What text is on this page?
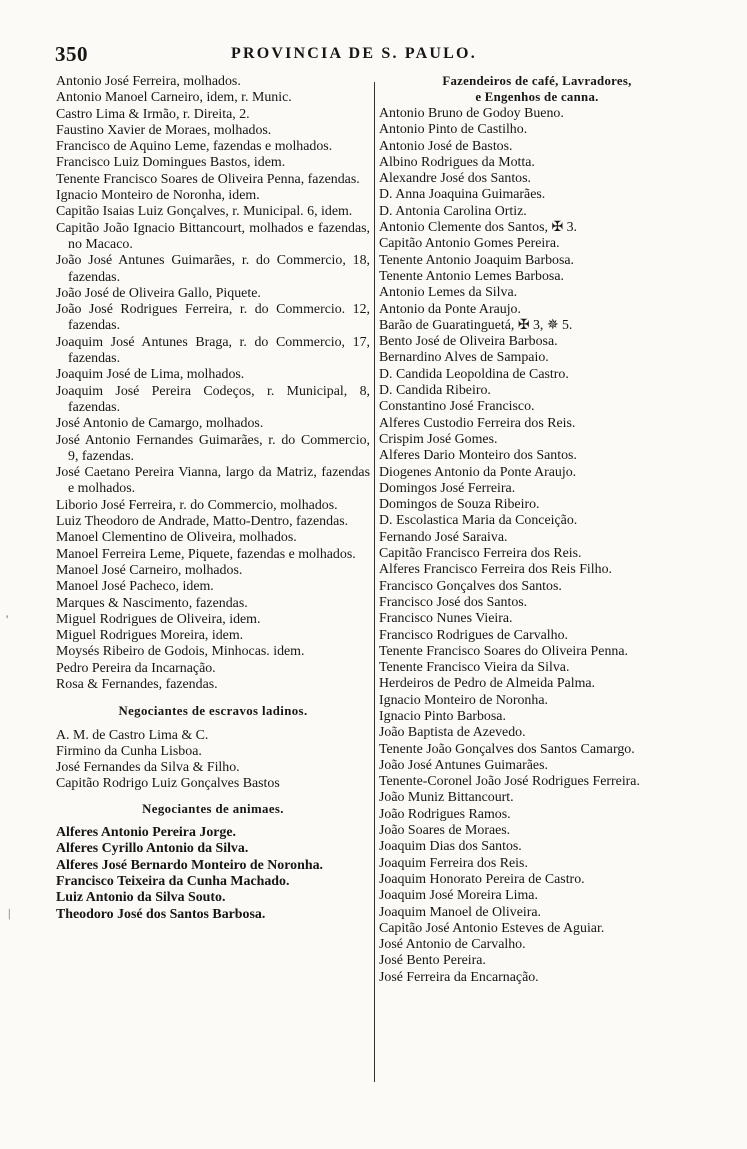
350	PROVINCIA DE S. PAULO.
'
|
Antonio José Ferreira, molhados.
Antonio Manoel Carneiro, idem, r. Munic.
Castro Lima & Irmão, r. Direita, 2.
Faustino Xavier de Moraes, molhados.
Francisco de Aquino Leme, fazendas e molhados.
Francisco Luiz Domingues Bastos, idem.
Tenente Francisco Soares de Oliveira Penna, fazendas.
Ignacio Monteiro de Noronha, idem.
Capitão Isaias Luiz Gonçalves, r. Municipal. 6, idem.
Capitão João Ignacio Bittancourt, molhados e fazendas, no Macaco.
João José Antunes Guimarães, r. do Commercio, 18, fazendas.
João José de Oliveira Gallo, Piquete.
João José Rodrigues Ferreira, r. do Commercio. 12, fazendas.
Joaquim José Antunes Braga, r. do Commercio, 17, fazendas.
Joaquim José de Lima, molhados.
Joaquim José Pereira Codeços, r. Municipal, 8, fazendas.
José Antonio de Camargo, molhados.
José Antonio Fernandes Guimarães, r. do Commercio, 9, fazendas.
José Caetano Pereira Vianna, largo da Matriz, fazendas e molhados.
Liborio José Ferreira, r. do Commercio, molhados.
Luiz Theodoro de Andrade, Matto-Dentro, fazendas.
Manoel Clementino de Oliveira, molhados.
Manoel Ferreira Leme, Piquete, fazendas e molhados.
Manoel José Carneiro, molhados.
Manoel José Pacheco, idem.
Marques & Nascimento, fazendas.
Miguel Rodrigues de Oliveira, idem.
Miguel Rodrigues Moreira, idem.
Moysés Ribeiro de Godois, Minhocas. idem.
Pedro Pereira da Incarnação.
Rosa & Fernandes, fazendas.
Negociantes de escravos ladinos.
A. M. de Castro Lima & C.
Firmino da Cunha Lisboa.
José Fernandes da Silva & Filho.
Capitão Rodrigo Luiz Gonçalves Bastos
Negociantes de animaes.
Alferes Antonio Pereira Jorge.
Alferes Cyrillo Antonio da Silva.
Alferes José Bernardo Monteiro de Noronha.
Francisco Teixeira da Cunha Machado.
Luiz Antonio da Silva Souto.
Theodoro José dos Santos Barbosa.
Fazendeiros de café, Lavradores,
e Engenhos de canna.
Antonio Bruno de Godoy Bueno.
Antonio Pinto de Castilho.
Antonio José de Bastos.
Albino Rodrigues da Motta.
Alexandre José dos Santos.
D. Anna Joaquina Guimarães.
D. Antonia Carolina Ortiz.
Antonio Clemente dos Santos, ✠ 3.
Capitão Antonio Gomes Pereira.
Tenente Antonio Joaquim Barbosa.
Tenente Antonio Lemes Barbosa.
Antonio Lemes da Silva.
Antonio da Ponte Araujo.
Barão de Guaratinguetá, ✠ 3, ✵ 5.
Bento José de Oliveira Barbosa.
Bernardino Alves de Sampaio.
D. Candida Leopoldina de Castro.
D. Candida Ribeiro.
Constantino José Francisco.
Alferes Custodio Ferreira dos Reis.
Crispim José Gomes.
Alferes Dario Monteiro dos Santos.
Diogenes Antonio da Ponte Araujo.
Domingos José Ferreira.
Domingos de Souza Ribeiro.
D. Escolastica Maria da Conceição.
Fernando José Saraiva.
Capitão Francisco Ferreira dos Reis.
Alferes Francisco Ferreira dos Reis Filho.
Francisco Gonçalves dos Santos.
Francisco José dos Santos.
Francisco Nunes Vieira.
Francisco Rodrigues de Carvalho.
Tenente Francisco Soares do Oliveira Penna.
Tenente Francisco Vieira da Silva.
Herdeiros de Pedro de Almeida Palma.
Ignacio Monteiro de Noronha.
Ignacio Pinto Barbosa.
João Baptista de Azevedo.
Tenente João Gonçalves dos Santos Camargo.
João José Antunes Guimarães.
Tenente-Coronel João José Rodrigues Ferreira.
João Muniz Bittancourt.
João Rodrigues Ramos.
João Soares de Moraes.
Joaquim Dias dos Santos.
Joaquim Ferreira dos Reis.
Joaquim Honorato Pereira de Castro.
Joaquim José Moreira Lima.
Joaquim Manoel de Oliveira.
Capitão José Antonio Esteves de Aguiar.
José Antonio de Carvalho.
José Bento Pereira.
José Ferreira da Encarnação.
